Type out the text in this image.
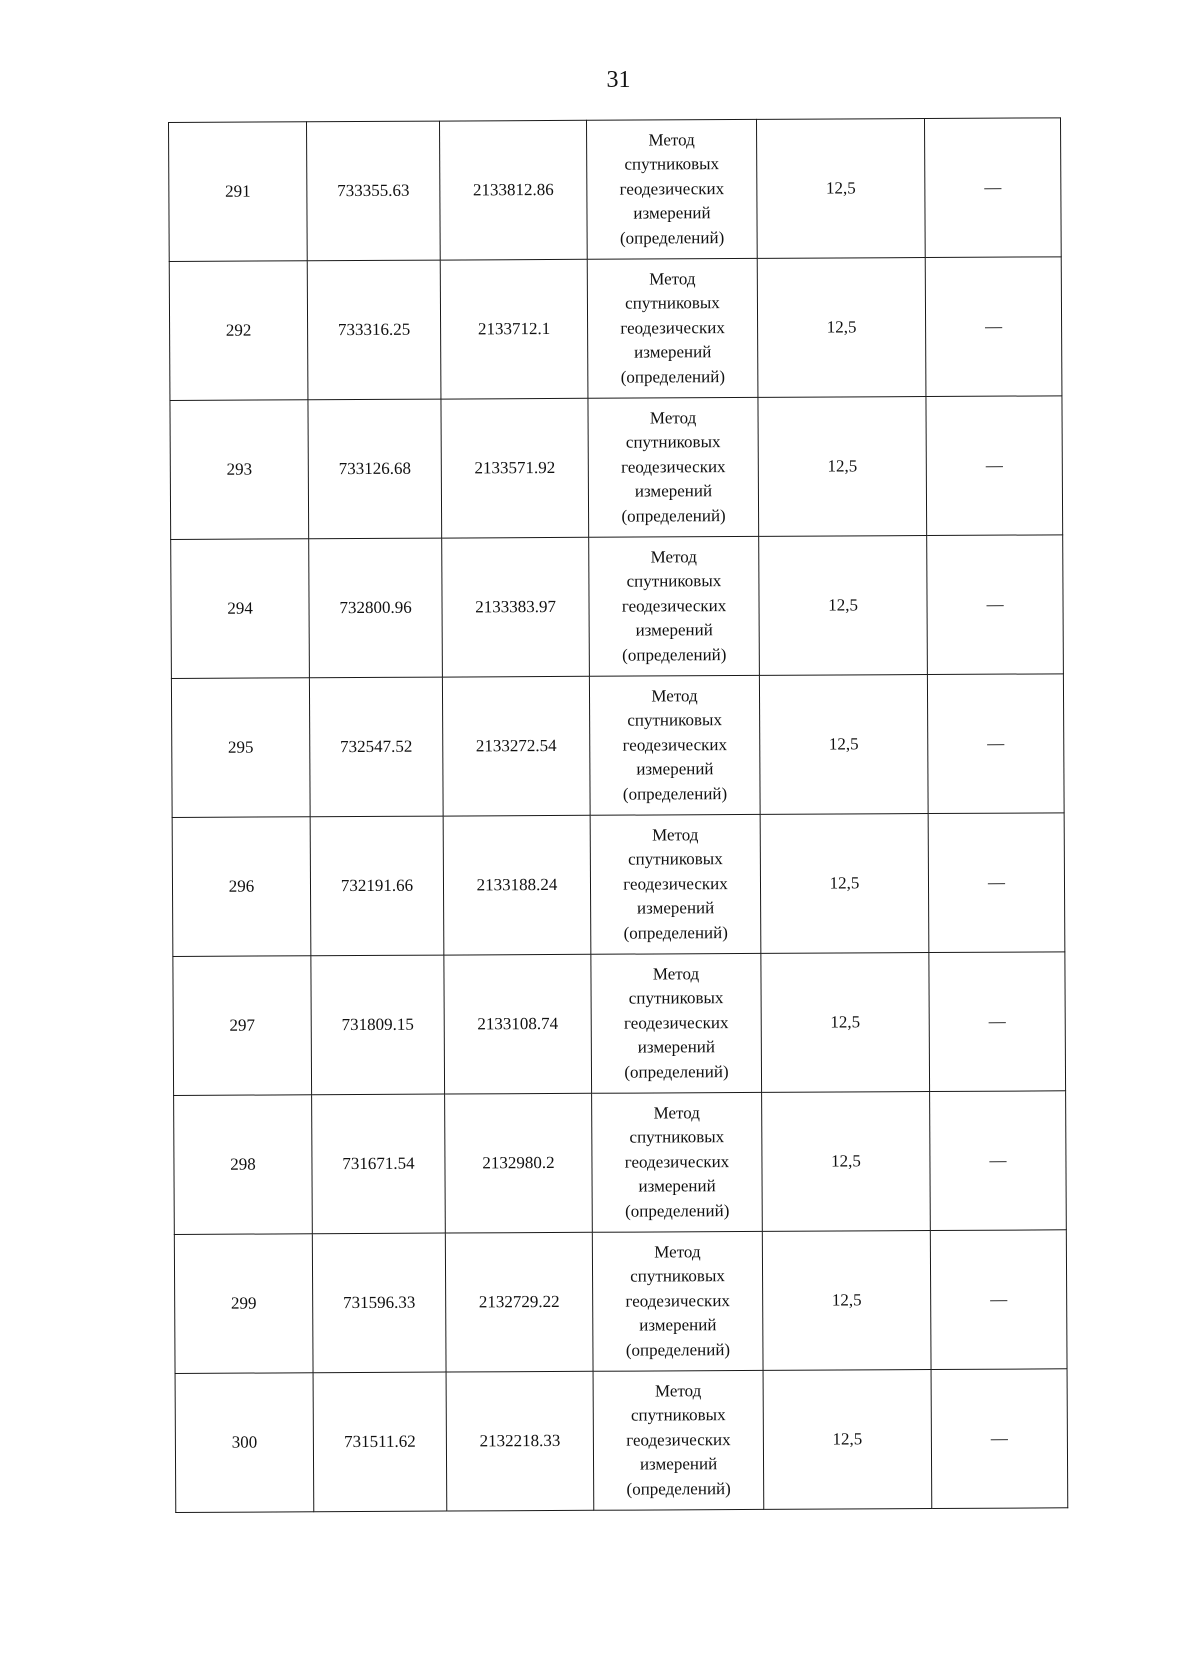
31
291	733355.63	2133812.86	Метод
спутниковых
геодезических
измерений
(определений)	12,5	—
292	733316.25	2133712.1	Метод
спутниковых
геодезических
измерений
(определений)	12,5	—
293	733126.68	2133571.92	Метод
спутниковых
геодезических
измерений
(определений)	12,5	—
294	732800.96	2133383.97	Метод
спутниковых
геодезических
измерений
(определений)	12,5	—
295	732547.52	2133272.54	Метод
спутниковых
геодезических
измерений
(определений)	12,5	—
296	732191.66	2133188.24	Метод
спутниковых
геодезических
измерений
(определений)	12,5	—
297	731809.15	2133108.74	Метод
спутниковых
геодезических
измерений
(определений)	12,5	—
298	731671.54	2132980.2	Метод
спутниковых
геодезических
измерений
(определений)	12,5	—
299	731596.33	2132729.22	Метод
спутниковых
геодезических
измерений
(определений)	12,5	—
300	731511.62	2132218.33	Метод
спутниковых
геодезических
измерений
(определений)	12,5	—
